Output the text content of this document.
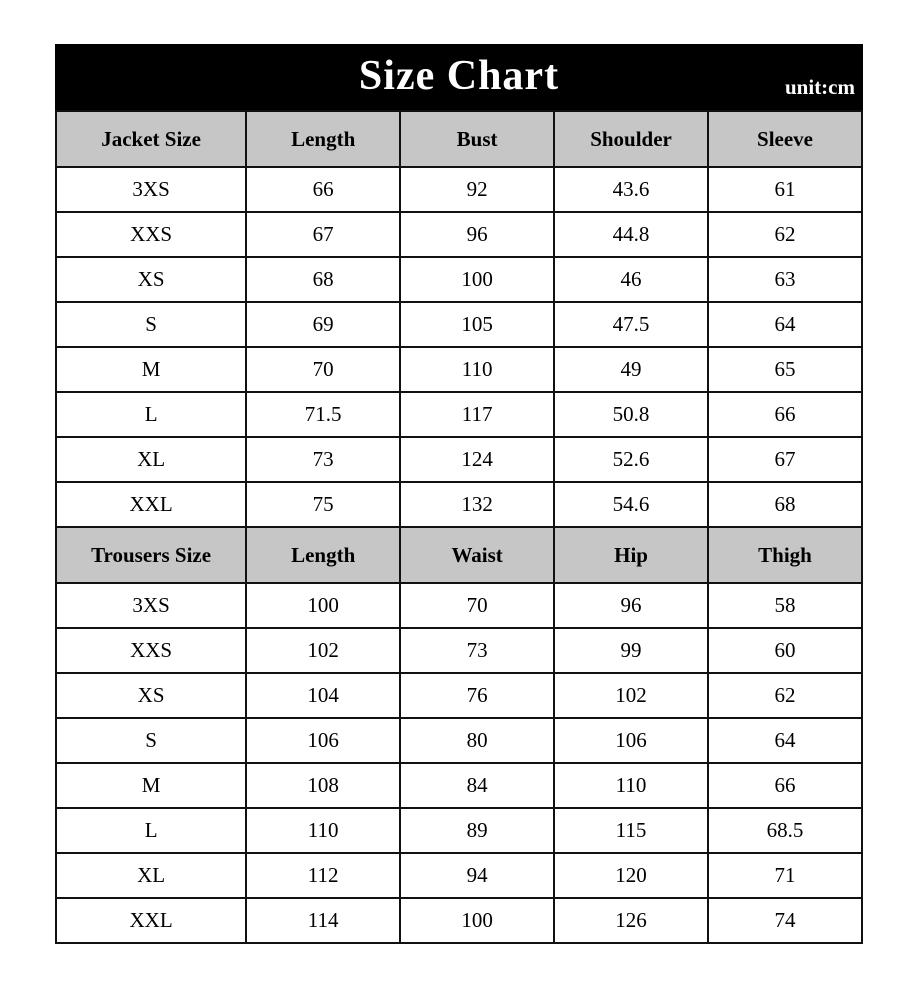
Size Chart	unit:cm
Jacket Size	Length	Bust	Shoulder	Sleeve
3XS	66	92	43.6	61
XXS	67	96	44.8	62
XS	68	100	46	63
S	69	105	47.5	64
M	70	110	49	65
L	71.5	117	50.8	66
XL	73	124	52.6	67
XXL	75	132	54.6	68
Trousers Size	Length	Waist	Hip	Thigh
3XS	100	70	96	58
XXS	102	73	99	60
XS	104	76	102	62
S	106	80	106	64
M	108	84	110	66
L	110	89	115	68.5
XL	112	94	120	71
XXL	114	100	126	74
